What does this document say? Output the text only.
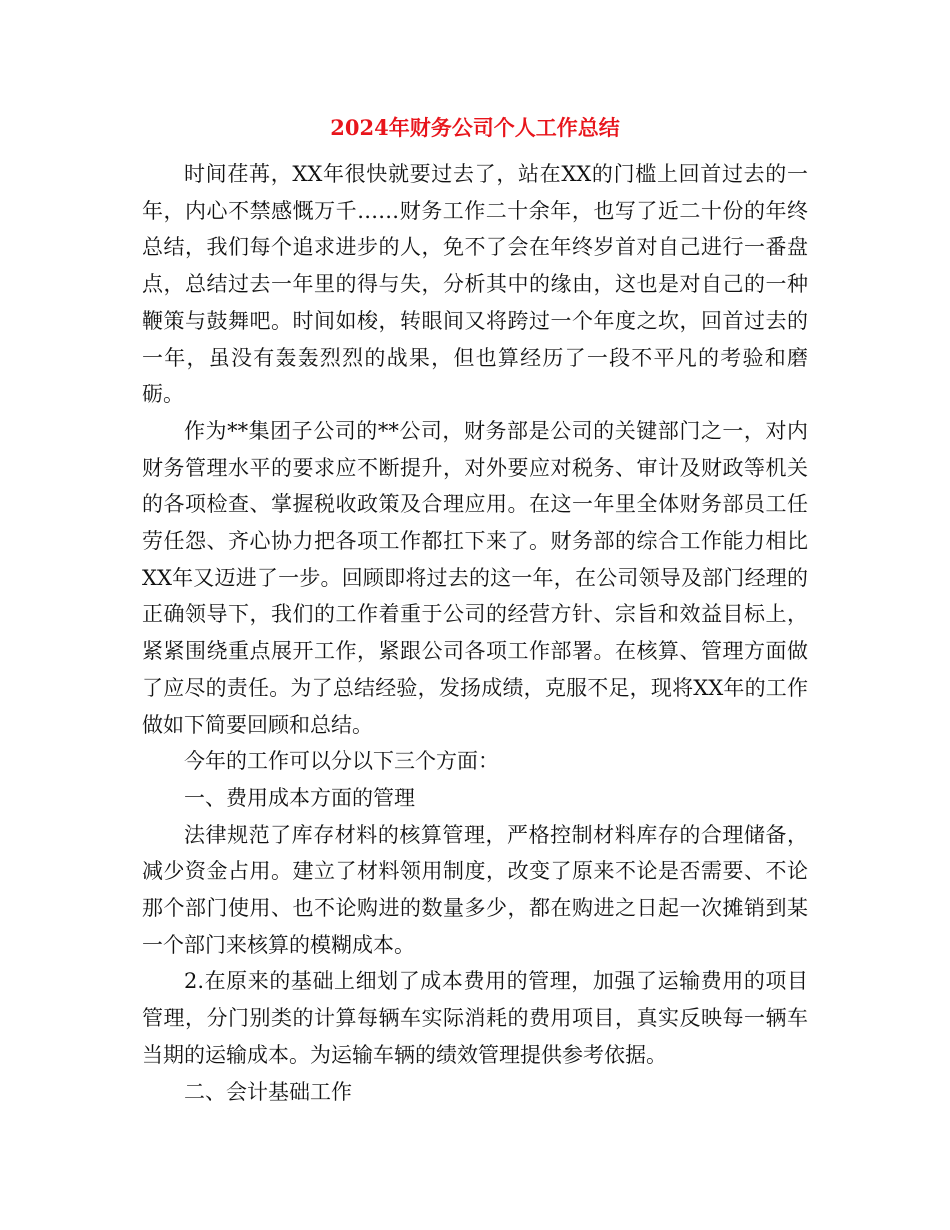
2024年财务公司个人工作总结

时间荏苒，XX年很快就要过去了，站在XX的门槛上回首过去的一年，内心不禁感慨万千……财务工作二十余年，也写了近二十份的年终总结，我们每个追求进步的人，免不了会在年终岁首对自己进行一番盘点，总结过去一年里的得与失，分析其中的缘由，这也是对自己的一种鞭策与鼓舞吧。时间如梭，转眼间又将跨过一个年度之坎，回首过去的一年，虽没有轰轰烈烈的战果，但也算经历了一段不平凡的考验和磨砺。

作为**集团子公司的**公司，财务部是公司的关键部门之一，对内财务管理水平的要求应不断提升，对外要应对税务、审计及财政等机关的各项检查、掌握税收政策及合理应用。在这一年里全体财务部员工任劳任怨、齐心协力把各项工作都扛下来了。财务部的综合工作能力相比XX年又迈进了一步。回顾即将过去的这一年，在公司领导及部门经理的正确领导下，我们的工作着重于公司的经营方针、宗旨和效益目标上，紧紧围绕重点展开工作，紧跟公司各项工作部署。在核算、管理方面做了应尽的责任。为了总结经验，发扬成绩，克服不足，现将XX年的工作做如下简要回顾和总结。

今年的工作可以分以下三个方面：

一、费用成本方面的管理

法律规范了库存材料的核算管理，严格控制材料库存的合理储备，减少资金占用。建立了材料领用制度，改变了原来不论是否需要、不论那个部门使用、也不论购进的数量多少，都在购进之日起一次摊销到某一个部门来核算的模糊成本。

2.在原来的基础上细划了成本费用的管理，加强了运输费用的项目管理，分门别类的计算每辆车实际消耗的费用项目，真实反映每一辆车当期的运输成本。为运输车辆的绩效管理提供参考依据。

二、会计基础工作
